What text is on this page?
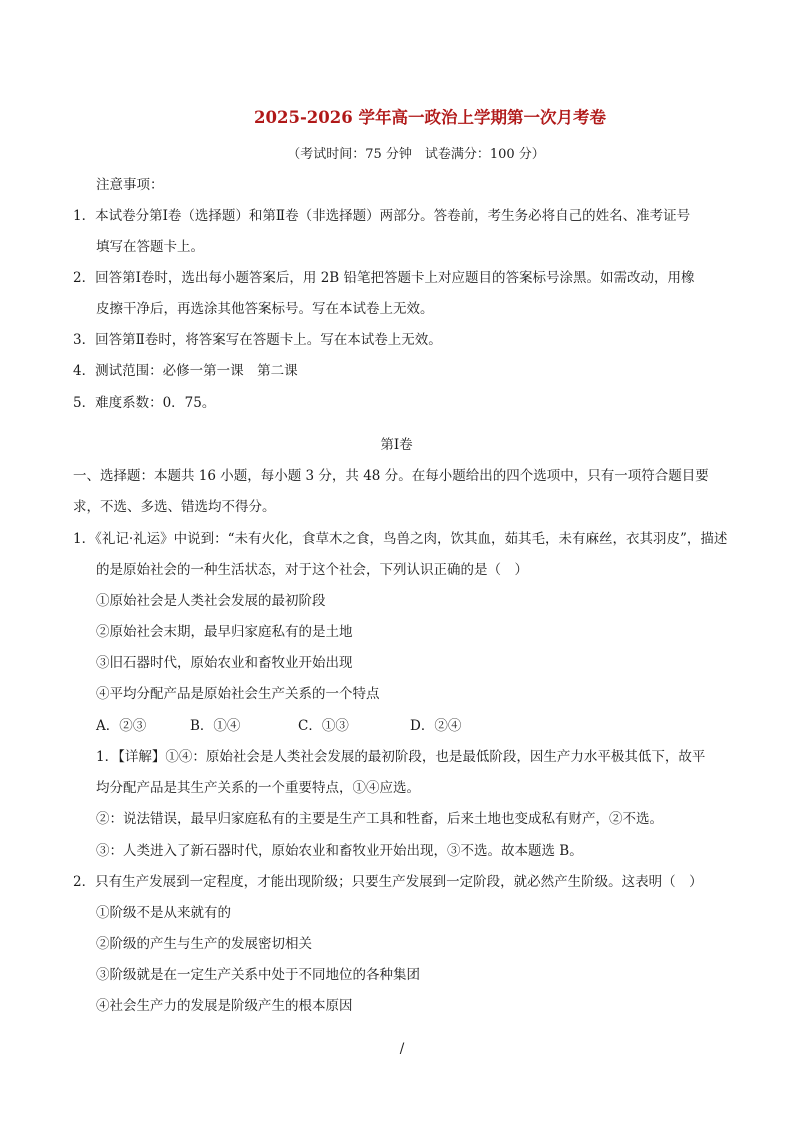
2025-2026 学年高一政治上学期第一次月考卷
（考试时间：75 分钟　试卷满分：100 分）
注意事项：
1．本试卷分第Ⅰ卷（选择题）和第Ⅱ卷（非选择题）两部分。答卷前，考生务必将自己的姓名、准考证号
填写在答题卡上。
2．回答第Ⅰ卷时，选出每小题答案后，用 2B 铅笔把答题卡上对应题目的答案标号涂黑。如需改动，用橡
皮擦干净后，再选涂其他答案标号。写在本试卷上无效。
3．回答第Ⅱ卷时，将答案写在答题卡上。写在本试卷上无效。
4．测试范围：必修一第一课　第二课
5．难度系数：0．75。
第Ⅰ卷
一、选择题：本题共 16 小题，每小题 3 分，共 48 分。在每小题给出的四个选项中，只有一项符合题目要
求，不选、多选、错选均不得分。
1．《礼记·礼运》中说到：“未有火化，食草木之食，鸟兽之肉，饮其血，茹其毛，未有麻丝，衣其羽皮”，描述
的是原始社会的一种生活状态，对于这个社会，下列认识正确的是（　）
①原始社会是人类社会发展的最初阶段
②原始社会末期，最早归家庭私有的是土地
③旧石器时代，原始农业和畜牧业开始出现
④平均分配产品是原始社会生产关系的一个特点
A．②③	B．①④	C．①③	D．②④
1．【详解】①④：原始社会是人类社会发展的最初阶段，也是最低阶段，因生产力水平极其低下，故平
均分配产品是其生产关系的一个重要特点，①④应选。
②：说法错误，最早归家庭私有的主要是生产工具和牲畜，后来土地也变成私有财产，②不选。
③：人类进入了新石器时代，原始农业和畜牧业开始出现，③不选。故本题选 B。
2．只有生产发展到一定程度，才能出现阶级；只要生产发展到一定阶段，就必然产生阶级。这表明（　）
①阶级不是从来就有的
②阶级的产生与生产的发展密切相关
③阶级就是在一定生产关系中处于不同地位的各种集团
④社会生产力的发展是阶级产生的根本原因
/
